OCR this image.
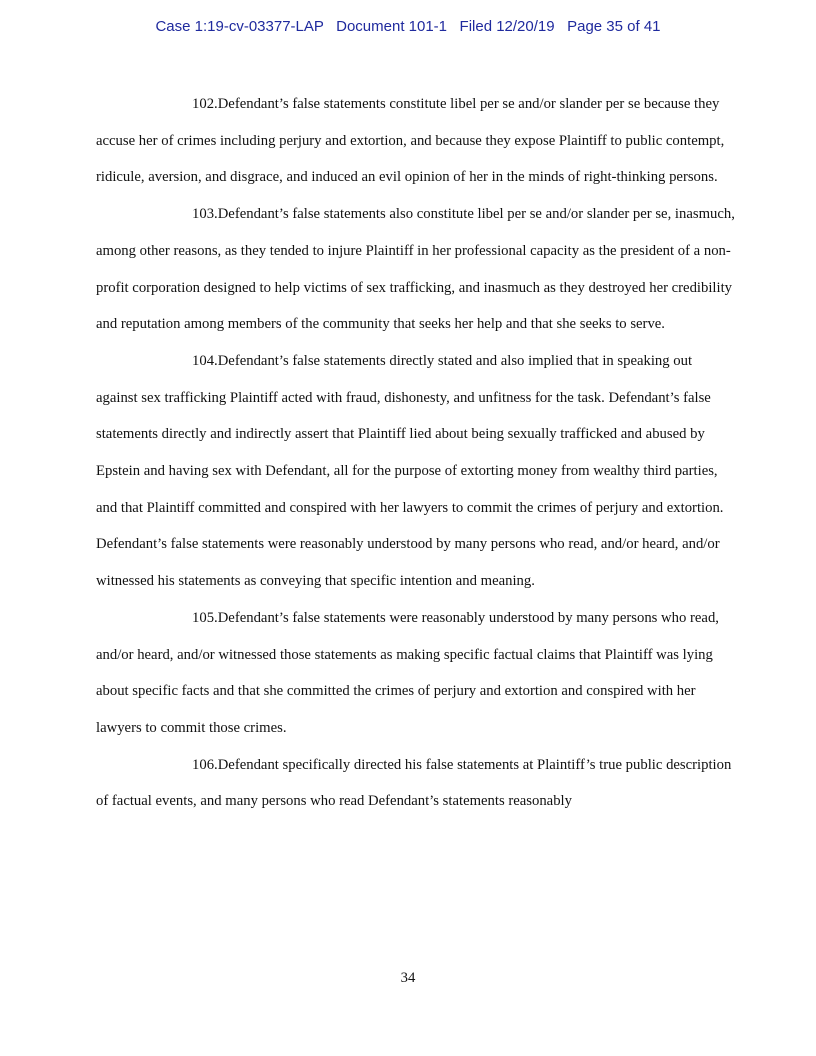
Case 1:19-cv-03377-LAP   Document 101-1   Filed 12/20/19   Page 35 of 41

102.Defendant’s false statements constitute libel per se and/or slander per se because they accuse her of crimes including perjury and extortion, and because they expose Plaintiff to public contempt, ridicule, aversion, and disgrace, and induced an evil opinion of her in the minds of right-thinking persons.

103.Defendant’s false statements also constitute libel per se and/or slander per se, inasmuch, among other reasons, as they tended to injure Plaintiff in her professional capacity as the president of a non-profit corporation designed to help victims of sex trafficking, and inasmuch as they destroyed her credibility and reputation among members of the community that seeks her help and that she seeks to serve.

104.Defendant’s false statements directly stated and also implied that in speaking out against sex trafficking Plaintiff acted with fraud, dishonesty, and unfitness for the task. Defendant’s false statements directly and indirectly assert that Plaintiff lied about being sexually trafficked and abused by Epstein and having sex with Defendant, all for the purpose of extorting money from wealthy third parties, and that Plaintiff committed and conspired with her lawyers to commit the crimes of perjury and extortion. Defendant’s false statements were reasonably understood by many persons who read, and/or heard, and/or witnessed his statements as conveying that specific intention and meaning.

105.Defendant’s false statements were reasonably understood by many persons who read, and/or heard, and/or witnessed those statements as making specific factual claims that Plaintiff was lying about specific facts and that she committed the crimes of perjury and extortion and conspired with her lawyers to commit those crimes.

106.Defendant specifically directed his false statements at Plaintiff’s true public description of factual events, and many persons who read Defendant’s statements reasonably

34
